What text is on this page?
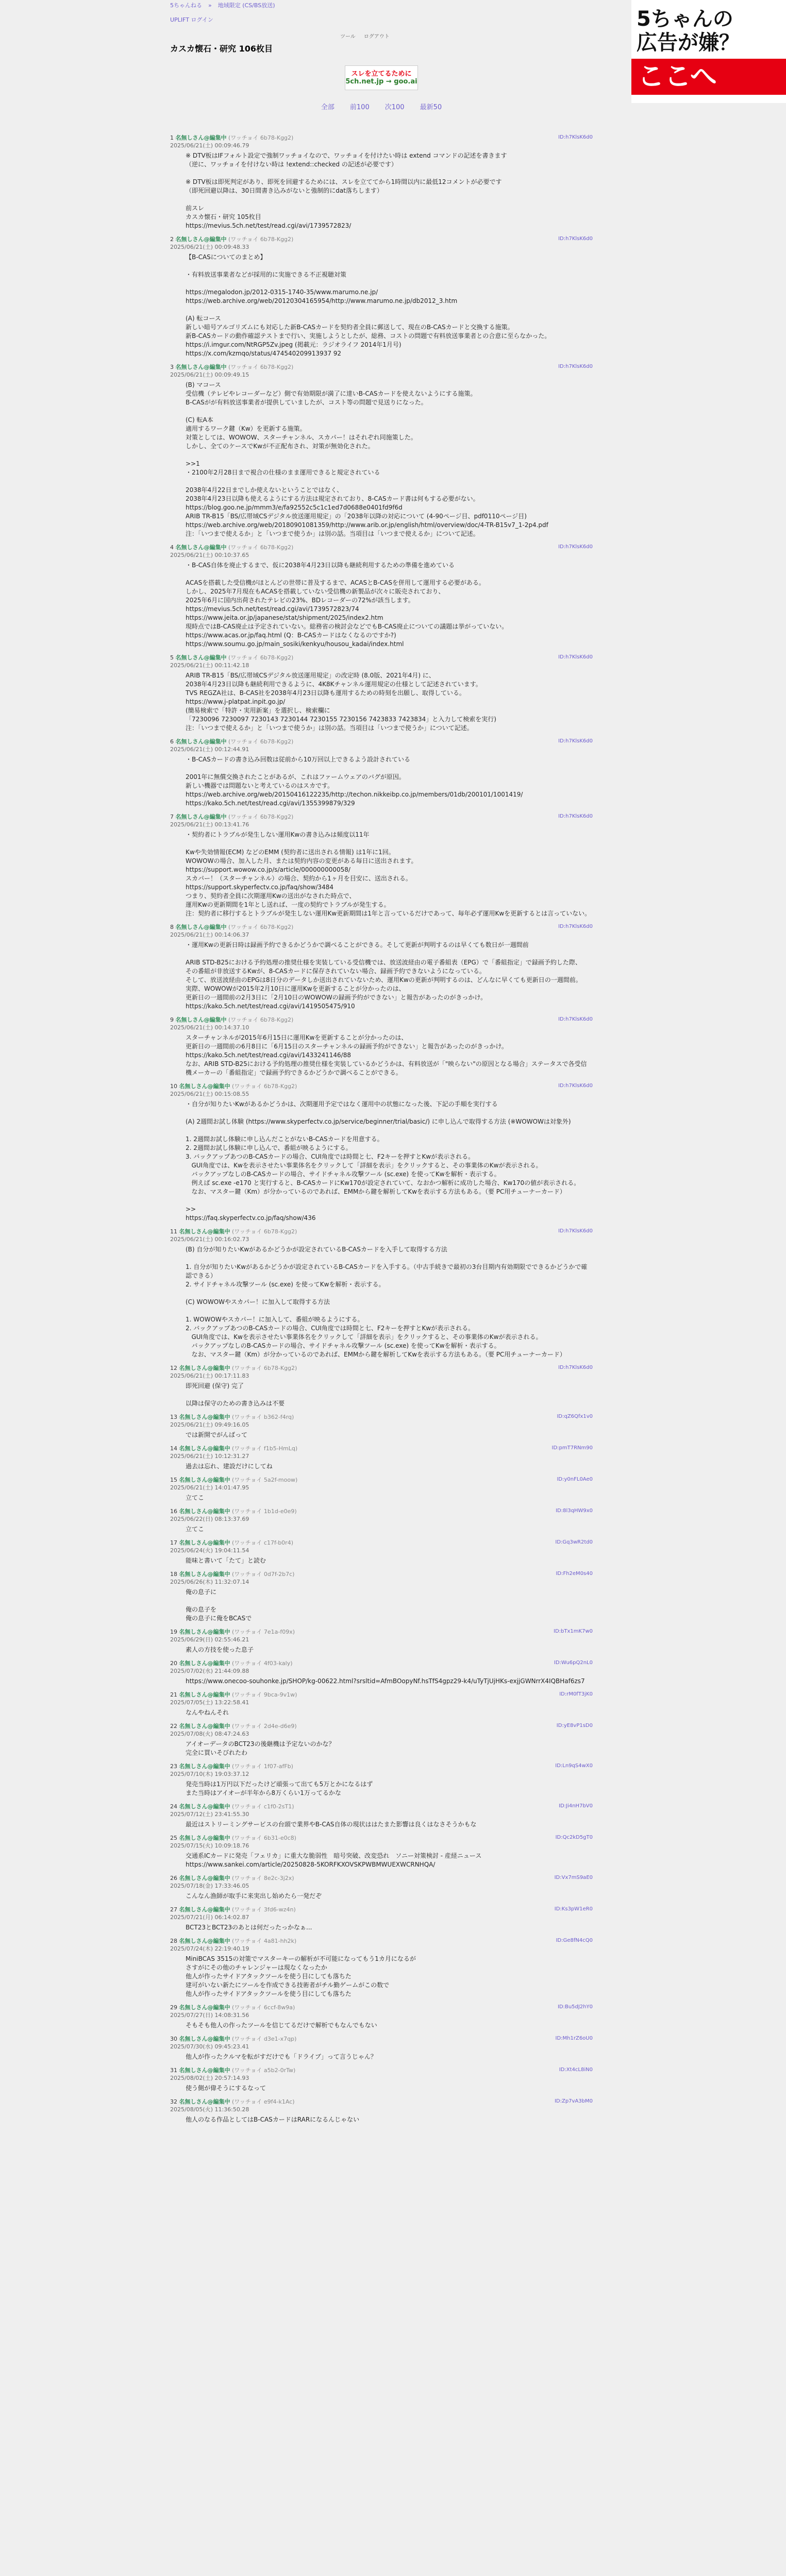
5ちゃんねる » 地域限定 (CS/BS放送)
UPLIFT ログイン
ツール ログアウト
5ちゃんの
広告が嫌？
ここへ
カスカ懐石・研究 106枚目
スレを立てるために
5ch.net.jp → goo.ai
全部 前100 次100 最新50
1 名無しさん@編集中 (ワッチョイ 6b78-Kgg2)
2025/06/21(土) 00:09:46.79
ID:h7KlsK6d0
※ DTV板はIFフォルト設定で強制ワッチョイなので、ワッチョイを付けたい時は extend コマンドの記述を書きます
（逆に、ワッチョイを付けない時は !extend::checked の記述が必要です）

※ DTV板は即死判定があり、即死を回避するためには、スレを立ててから1時間以内に最低12コメントが必要です
（即死回避以降は、30日間書き込みがないと強制的にdat落ちします）

前スレ
カスカ懐石・研究 105枚目
https://mevius.5ch.net/test/read.cgi/avi/1739572823/
2 名無しさん@編集中 (ワッチョイ 6b78-Kgg2)
2025/06/21(土) 00:09:48.33
ID:h7KlsK6d0
【B-CASについてのまとめ】

・有料放送事業者などが採用的に実施できる不正視聴対策

https://megalodon.jp/2012-0315-1740-35/www.marumo.ne.jp/
https://web.archive.org/web/20120304165954/http://www.marumo.ne.jp/db2012_3.htm

(A) 転コース
新しい暗号アルゴリズムにも対応した新B-CASカードを契約者全員に郵送して、現在のB-CASカードと交換する施策。
新B-CASカードの動作確認テストまで行い、実施しようとしたが、総務、コストの問題で有料放送事業者との合意に至らなかった。
https://i.imgur.com/NtRGP5Zv.jpeg (掲載元：ラジオライフ 2014年1月号)
https://x.com/kzmqo/status/474540209913937 92
3 名無しさん@編集中 (ワッチョイ 6b78-Kgg2)
2025/06/21(土) 00:09:49.15
ID:h7KlsK6d0
(B) マコース
受信機（テレビやレコーダーなど）側で有効期限が満了に達いB-CASカードを使えないようにする施策。
B-CASがが有料放送事業者が提供していましたが、コスト等の問題で見送りになった。

(C) 転A本
適用するワーク鍵（Kw）を更新する施策。
対策としては、WOWOW、スターチャンネル、スカパー！はそれぞれ同施策した。
しかし、全てのケースでKwが不正配布され、対策が無効化された。

>>1
・2100年2月28日まで視合の仕様のまま運用できると規定されている

2038年4月22日までしか使えないということではなく、
2038年4月23日以降も使えるようにする方法は規定されており、8-CASカード書は何もする必要がない。
https://blog.goo.ne.jp/mmm3/e/fa92552c5c1c1ed7d0688e0401fd9f6d
ARIB TR-B15「BS/広帯域CSデジタル放送運用規定」の「2038年以降の対応について (4-90ページ目、pdf0110ページ目)
https://web.archive.org/web/20180901081359/http://www.arib.or.jp/english/html/overview/doc/4-TR-B15v7_1-2p4.pdf
注：「いつまで使えるか」と「いつまで使うか」は別の話。当項目は「いつまで使えるか」について記述。
4 名無しさん@編集中 (ワッチョイ 6b78-Kgg2)
2025/06/21(土) 00:10:37.65
ID:h7KlsK6d0
・B-CAS自体を廃止するまで、仮に2038年4月23日以降も継続利用するための準備を進めている

ACASを搭載した受信機がほとんどの世帯に普及するまで、ACASとB-CASを併用して運用する必要がある。
しかし、2025年7月現在もACASを搭載していない受信機の新製品が次々に販売されており、
2025年6月に国内出荷されたテレビの23%、BDレコーダーの72%が該当します。
https://mevius.5ch.net/test/read.cgi/avi/1739572823/74
https://www.jeita.or.jp/japanese/stat/shipment/2025/index2.htm
現時点ではB-CAS廃止は予定されていない。総務省の検討会などでもB-CAS廃止についての議題は挙がっていない。
https://www.acas.or.jp/faq.html (Q：B-CASカードはなくなるのですか?)
https://www.soumu.go.jp/main_sosiki/kenkyu/housou_kadai/index.html
5 名無しさん@編集中 (ワッチョイ 6b78-Kgg2)
2025/06/21(土) 00:11:42.18
ID:h7KlsK6d0
ARIB TR-B15「BS/広帯域CSデジタル放送運用規定」の改定時 (8.0版、2021年4月) に、
2038年4月23日以降も継続利用できるように、4K8Kチャンネル運用規定の仕様として記述されています。
TVS REGZA社は、B-CAS社を2038年4月23日以降も運用するための時刻を出願し、取得している。
https://www.j-platpat.inpit.go.jp/
(簡易検索で「特許・実用新案」を選択し、検索欄に
「7230096 7230097 7230143 7230144 7230155 7230156 7423833 7423834」と入力して検索を実行)
注：「いつまで使えるか」と「いつまで使うか」は別の話。当項目は「いつまで使うか」について記述。
6 名無しさん@編集中 (ワッチョイ 6b78-Kgg2)
2025/06/21(土) 00:12:44.91
ID:h7KlsK6d0
・B-CASカードの書き込み回数は従前から10万回以上できるよう設計されている

2001年に無償交換されたことがあるが、これはファームウェアのバグが原因。
新しい機器では問題ないと考えているのはスカです。
https://web.archive.org/web/20150416122235/http://techon.nikkeibp.co.jp/members/01db/200101/1001419/
https://kako.5ch.net/test/read.cgi/avi/1355399879/329
7 名無しさん@編集中 (ワッチョイ 6b78-Kgg2)
2025/06/21(土) 00:13:41.76
ID:h7KlsK6d0
・契約者にトラブルが発生しない運用Kwの書き込みは頻度以11年

Kwや失効情報(ECM) などのEMM (契約者に送出される情報) は1年に1回。
WOWOWの場合、加入した月、または契約内容の変更がある毎日に送出されます。
https://support.wowow.co.jp/s/article/000000000058/
スカパー！（スターチャンネル）の場合、契約から1ヶ月を目安に、送出される。
https://support.skyperfectv.co.jp/faq/show/3484
つまり、契約者全員に次期運用Kwの送出がなされた時点で、
運用Kwの更新期間を1年とし送れば、一度の契約でトラブルが発生する。
注：契約者に移行するとトラブルが発生しない運用Kw更新期間は1年と言っているだけであって、毎年必ず運用Kwを更新するとは言っていない。
8 名無しさん@編集中 (ワッチョイ 6b78-Kgg2)
2025/06/21(土) 00:14:06.37
ID:h7KlsK6d0
・運用Kwの更新日時は録画予約できるかどうかで調べることができる。そして更新が判明するのは早くても数日が一週間前

ARIB STD-B25における予約処理の推奨仕様を実装している受信機では、放送波経由の電子番組表（EPG）で「番組指定」で録画予約した際、
その番組が非放送するKwが、8-CASカードに保存されていない場合、録画予約できないようになっている。
そして、放送波経由のEPGは8日分のデータしか送出されていないため、運用Kwの更新が判明するのは、どんなに早くても更新日の一週間前。
実際、WOWOWが2015年2月10日に運用Kwを更新することが分かったのは、
更新日の一週間前の2月3日に「2月10日のWOWOWの録画予約ができない」と報告があったのがきっかけ。
https://kako.5ch.net/test/read.cgi/avi/1419505475/910
9 名無しさん@編集中 (ワッチョイ 6b78-Kgg2)
2025/06/21(土) 00:14:37.10
ID:h7KlsK6d0
スターチャンネルが2015年6月15日に運用Kwを更新することが分かったのは、
更新日の一週間前の6月8日に「6月15日のスターチャンネルの録画予約ができない」と報告があったのがきっかけ。
https://kako.5ch.net/test/read.cgi/avi/1433241146/88
なお、ARIB STD-B25における予約処理の推奨仕様を実装しているかどうかは、有料放送が「"映らない"の原因となる場合」ステータスで各受信機メーカーの「番組指定」で録画予約できるかどうかで調べることができる。
10 名無しさん@編集中 (ワッチョイ 6b78-Kgg2)
2025/06/21(土) 00:15:08.55
ID:h7KlsK6d0
・自分が知りたいKwがあるかどうかは、次期運用予定ではなく運用中の状態になった後、下記の手順を実行する

(A) 2週間お試し体験 (https://www.skyperfectv.co.jp/service/beginner/trial/basic/) に申し込んで取得する方法 (※WOWOWは対象外)

1. 2週間お試し体験に申し込んだことがないB-CASカードを用意する。
2. 2週間お試し体験に申し込んで、番組が映るようにする。
3. バックアップあつのB-CASカードの場合、CUI角度では時間と七、F2キーを押すとKwが表示される。
GUI角度では、Kwを表示させたい事業体名をクリックして「詳細を表示」をクリックすると、その事業体のKwが表示される。
バックアップなしのB-CASカードの場合、サイドチャネル攻撃ツール (sc.exe) を使ってKwを解析・表示する。
例えば sc.exe -e170 と実行すると、B-CASカードにKw170が設定されていて、なおかつ解析に成功した場合、Kw170の値が表示される。
なお、マスター鍵（Km）が分かっているのであれば、EMMから鍵を解析してKwを表示する方法もある。（要 PC用チューナーカード）

>>
https://faq.skyperfectv.co.jp/faq/show/436
11 名無しさん@編集中 (ワッチョイ 6b78-Kgg2)
2025/06/21(土) 00:16:02.73
ID:h7KlsK6d0
(B) 自分が知りたいKwがあるかどうかが設定されているB-CASカードを入手して取得する方法

1. 自分が知りたいKwがあるかどうかが設定されているB-CASカードを入手する。（中古手続きで最初の3台目期内有効期限でできるかどうかで確認できる）
2. サイドチャネル攻撃ツール (sc.exe) を使ってKwを解析・表示する。

(C) WOWOWやスカパー！に加入して取得する方法

1. WOWOWやスカパー！に加入して、番組が映るようにする。
2. バックアップあつのB-CASカードの場合、CUI角度では時間と七、F2キーを押すとKwが表示される。
GUI角度では、Kwを表示させたい事業体名をクリックして「詳細を表示」をクリックすると、その事業体のKwが表示される。
バックアップなしのB-CASカードの場合、サイドチャネル攻撃ツール (sc.exe) を使ってKwを解析・表示する。
なお、マスター鍵（Km）が分かっているのであれば、EMMから鍵を解析してKwを表示する方法もある。（要 PC用チューナーカード）
12 名無しさん@編集中 (ワッチョイ 6b78-Kgg2)
2025/06/21(土) 00:17:11.83
ID:h7KlsK6d0
即死回避 (保守) 完了

以降は保守のための書き込みは不要
13 名無しさん@編集中 (ワッチョイ b362-f4rq)
2025/06/21(土) 09:49:16.05
ID:qZ6Qfx1v0
では新開でがんばって
14 名無しさん@編集中 (ワッチョイ f1b5-HmLq)
2025/06/21(土) 10:12:31.27
ID:pmT7RNm90
過去は忘れ、建設だけにしてね
15 名無しさん@編集中 (ワッチョイ 5a2f-moow)
2025/06/21(土) 14:01:47.95
ID:y0nFL0Ae0
立てこ
16 名無しさん@編集中 (ワッチョイ 1b1d-e0e9)
2025/06/22(日) 08:13:37.69
ID:8l3qHW9x0
立てこ
17 名無しさん@編集中 (ワッチョイ c17f-b0r4)
2025/06/24(火) 19:04:11.54
ID:Gq3wR2td0
能味と書いて「たて」と読む
18 名無しさん@編集中 (ワッチョイ 0d7f-2b7c)
2025/06/26(木) 11:32:07.14
ID:Fh2eM0s40
俺の息子に

俺の息子を
俺の息子に俺をBCASで
19 名無しさん@編集中 (ワッチョイ 7e1a-f09x)
2025/06/29(日) 02:55:46.21
ID:bTx1mK7w0
素人の方技を使った息子
20 名無しさん@編集中 (ワッチョイ 4f03-kaly)
2025/07/02(水) 21:44:09.88
ID:Wu6pQ2nL0
https://www.onecoo-souhonke.jp/SHOP/kg-00622.html?srsltid=AfmBOopyNf.hsTfS4gpz29-k4/uTyTjUjHKs-exjjGWNrrX4IQBHaf6zs7
21 名無しさん@編集中 (ワッチョイ 9bca-9v1w)
2025/07/05(土) 13:22:58.41
ID:rM0fT3jK0
なんやねんそれ
22 名無しさん@編集中 (ワッチョイ 2d4e-d6e9)
2025/07/08(火) 08:47:24.63
ID:yE8vP1sD0
アイオーデータのBCT23の後継機は予定ないのかな？
完全に買いそびれたわ
23 名無しさん@編集中 (ワッチョイ 1f07-afFb)
2025/07/10(木) 19:03:37.12
ID:Ln9qS4wX0
発売当時は1万円以下だったけど頑張って出ても5万とかになるはず
また当時はアイオーが半年から8万くらい1万ってるかな
24 名無しさん@編集中 (ワッチョイ c1f0-2sT1)
2025/07/12(土) 23:41:55.30
ID:Ji4nH7bV0
最近はストリーミングサービスの台頭で業界やB-CAS自体の現状ははたまた影響は良くはなさそうかもな
25 名無しさん@編集中 (ワッチョイ 6b31-e0c8)
2025/07/15(火) 10:09:18.76
ID:Qc2kD5gT0
交通系ICカードに発売「フェリカ」に重大な脆弱性　暗号突破、改変恐れ　ソニー対策検討 - 産経ニュース
https://www.sankei.com/article/20250828-5KORFKXOVSKPWBMWUEXWCRNHQA/
26 名無しさん@編集中 (ワッチョイ 8e2c-3j2x)
2025/07/18(金) 17:33:46.05
ID:Vx7mS9aE0
こんなん漁師が取手に来実出し始めたら一発だぞ
27 名無しさん@編集中 (ワッチョイ 3fd6-wz4n)
2025/07/21(月) 06:14:02.87
ID:Ks3pW1eR0
BCT23とBCT23のあとは何だったっかなぁ...
28 名無しさん@編集中 (ワッチョイ 4a81-hh2k)
2025/07/24(木) 22:19:40.19
ID:Ge8fN4cQ0
MiniBCAS 3515の対策でマスターキーの解析が不可能になってもう1カ月になるが
さすがにその他のチャレンジャーは現なくなったか
他人が作ったサイドアタックツールを使う目にしても落ちた
建可がいない新たにツールを作成できる技術者がチル勤ゲームがこの数で
他人が作ったサイドアタックツールを使う目にしても落ちた
29 名無しさん@編集中 (ワッチョイ 6ccf-8w9a)
2025/07/27(日) 14:08:31.56
ID:Bu5dJ2hY0
そもそも他人の作ったツールを信じてるだけで解析でもなんでもない
30 名無しさん@編集中 (ワッチョイ d3e1-x7qp)
2025/07/30(水) 09:45:23.41
ID:Mh1rZ6oU0
他人が作ったクルマを転がすだけでも「ドライブ」って言うじゃん？
31 名無しさん@編集中 (ワッチョイ a5b2-0rTw)
2025/08/02(土) 20:57:14.93
ID:Xt4cL8iN0
使う側が偉そうにするなって
32 名無しさん@編集中 (ワッチョイ e9f4-k1Ac)
2025/08/05(火) 11:36:50.28
ID:Zp7vA3bM0
他人のなる作品としてはB-CASカードはRARになるんじゃない
